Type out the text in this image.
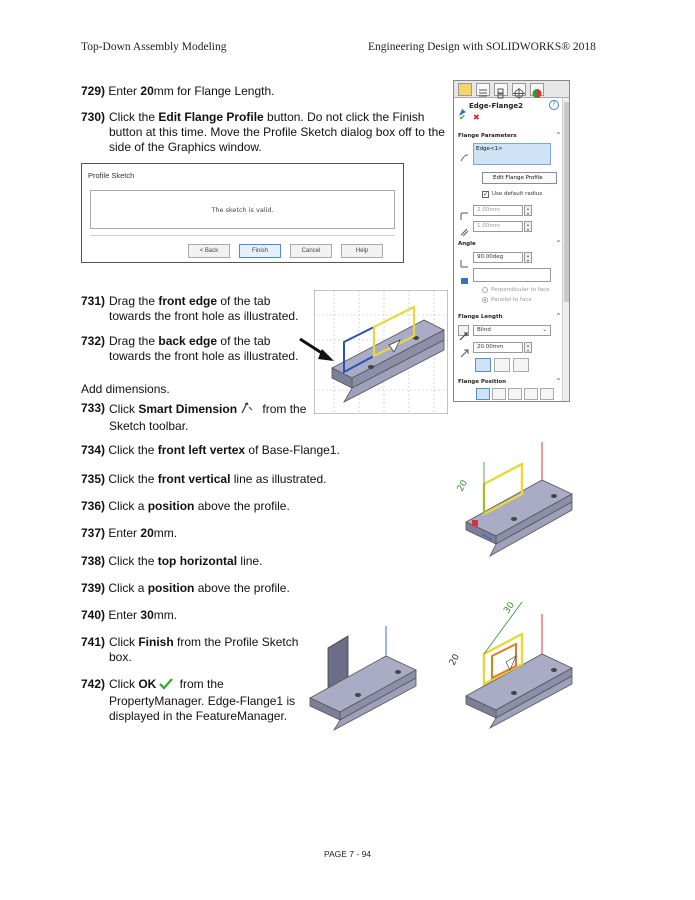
Top-Down Assembly Modeling	Engineering Design with SOLIDWORKS® 2018
729) Enter 20mm for Flange Length.
730) Click the Edit Flange Profile button. Do not click the Finish button at this time. Move the Profile Sketch dialog box off to the side of the Graphics window.
Profile Sketch
The sketch is valid.
< Back	Finish	Cancel	Help
731) Drag the front edge of the tab towards the front hole as illustrated.
732) Drag the back edge of the tab towards the front hole as illustrated.
Add dimensions.
733) Click Smart Dimension from the Sketch toolbar.
734) Click the front left vertex of Base-Flange1.
735) Click the front vertical line as illustrated.
736) Click a position above the profile.
737) Enter 20mm.
738) Click the top horizontal line.
739) Click a position above the profile.
740) Enter 30mm.
741) Click Finish from the Profile Sketch box.
742) Click OK from the PropertyManager. Edge-Flange1 is displayed in the FeatureManager.
Edge-Flange2	?
✔ ✖
Flange Parameters	^
Edge<1>
Edit Flange Profile
✓ Use default radius
2.00mm	▴
▾
1.00mm	▴
▾
Angle	^
90.00deg	▴
▾
Perpendicular to face
Parallel to face
Flange Length	^
Blind	⌄
20.00mm	▴
▾
Flange Position	^
20
30
20
PAGE 7 - 94
